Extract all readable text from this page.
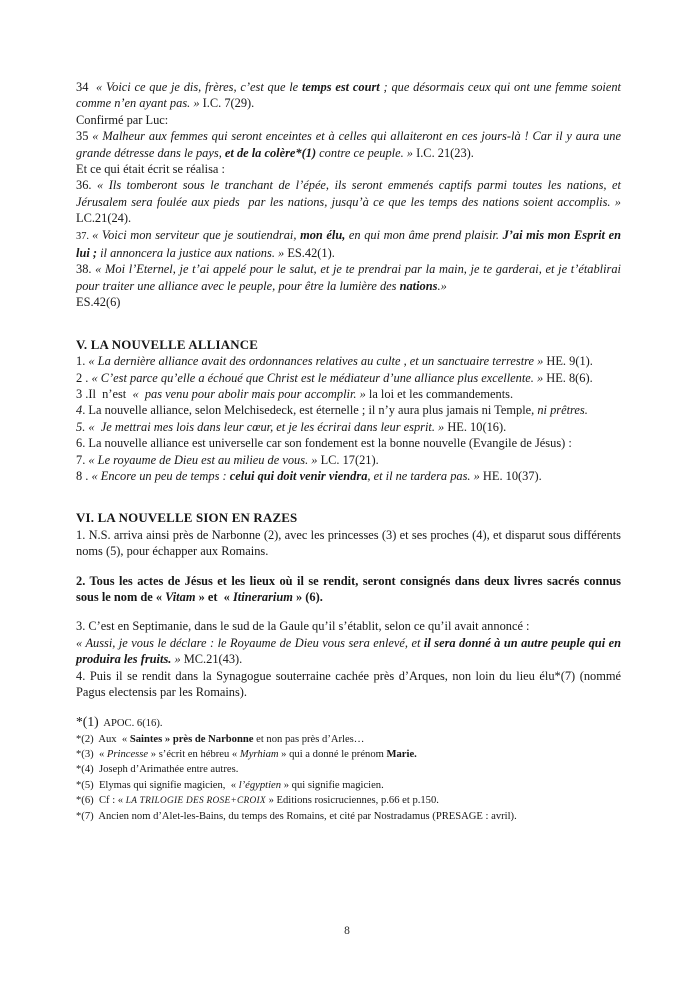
34  « Voici ce que je dis, frères, c’est que le temps est court ; que désormais ceux qui ont une femme soient comme n’en ayant pas. » I.C. 7(29).

Confirmé par Luc:

35 « Malheur aux femmes qui seront enceintes et à celles qui allaiteront en ces jours-là ! Car il y aura une grande détresse dans le pays, et de la colère*(1) contre ce peuple. » I.C. 21(23).

Et ce qui était écrit se réalisa :

36. « Ils tomberont sous le tranchant de l’épée, ils seront emmenés captifs parmi toutes les nations, et Jérusalem sera foulée aux pieds  par les nations, jusqu’à ce que les temps des nations soient accomplis. » LC.21(24).

37. « Voici mon serviteur que je soutiendrai, mon élu, en qui mon âme prend plaisir. J’ai mis mon Esprit en lui ; il annoncera la justice aux nations. » ES.42(1).

38. « Moi l’Eternel, je t’ai appelé pour le salut, et je te prendrai par la main, je te garderai, et je t’établirai pour traiter une alliance avec le peuple, pour être la lumière des nations.»

ES.42(6)

V. LA NOUVELLE ALLIANCE

1. « La dernière alliance avait des ordonnances relatives au culte , et un sanctuaire terrestre » HE. 9(1).

2 . « C’est parce qu’elle a échoué que Christ est le médiateur d’une alliance plus excellente. » HE. 8(6).

3 .Il  n’est  «  pas venu pour abolir mais pour accomplir. » la loi et les commandements.

4. La nouvelle alliance, selon Melchisedeck, est éternelle ; il n’y aura plus jamais ni Temple, ni prêtres.

5. «  Je mettrai mes lois dans leur cœur, et je les écrirai dans leur esprit. » HE. 10(16).

6. La nouvelle alliance est universelle car son fondement est la bonne nouvelle (Evangile de Jésus) :

7. « Le royaume de Dieu est au milieu de vous. » LC. 17(21).

8 . « Encore un peu de temps : celui qui doit venir viendra, et il ne tardera pas. » HE. 10(37).

VI. LA NOUVELLE SION EN RAZES

1. N.S. arriva ainsi près de Narbonne (2), avec les princesses (3) et ses proches (4), et disparut sous différents noms (5), pour échapper aux Romains.

2. Tous les actes de Jésus et les lieux où il se rendit, seront consignés dans deux livres sacrés connus sous le nom de « Vitam » et  « Itinerarium » (6).

3. C’est en Septimanie, dans le sud de la Gaule qu’il s’établit, selon ce qu’il avait annoncé :

« Aussi, je vous le déclare : le Royaume de Dieu vous sera enlevé, et il sera donné à un autre peuple qui en produira les fruits. » MC.21(43).

4. Puis il se rendit dans la Synagogue souterraine cachée près d’Arques, non loin du lieu élu*(7) (nommé Pagus electensis par les Romains).

*(1)  APOC. 6(16).

*(2)  Aux  « Saintes » près de Narbonne et non pas près d’Arles…

*(3)  « Princesse » s’écrit en hébreu « Myrhiam » qui a donné le prénom Marie.

*(4)  Joseph d’Arimathée entre autres.

*(5)  Elymas qui signifie magicien,  « l’égyptien » qui signifie magicien.

*(6)  Cf : « LA TRILOGIE DES ROSE+CROIX » Editions rosicruciennes, p.66 et p.150.

*(7)  Ancien nom d’Alet-les-Bains, du temps des Romains, et cité par Nostradamus (PRESAGE : avril).

8
